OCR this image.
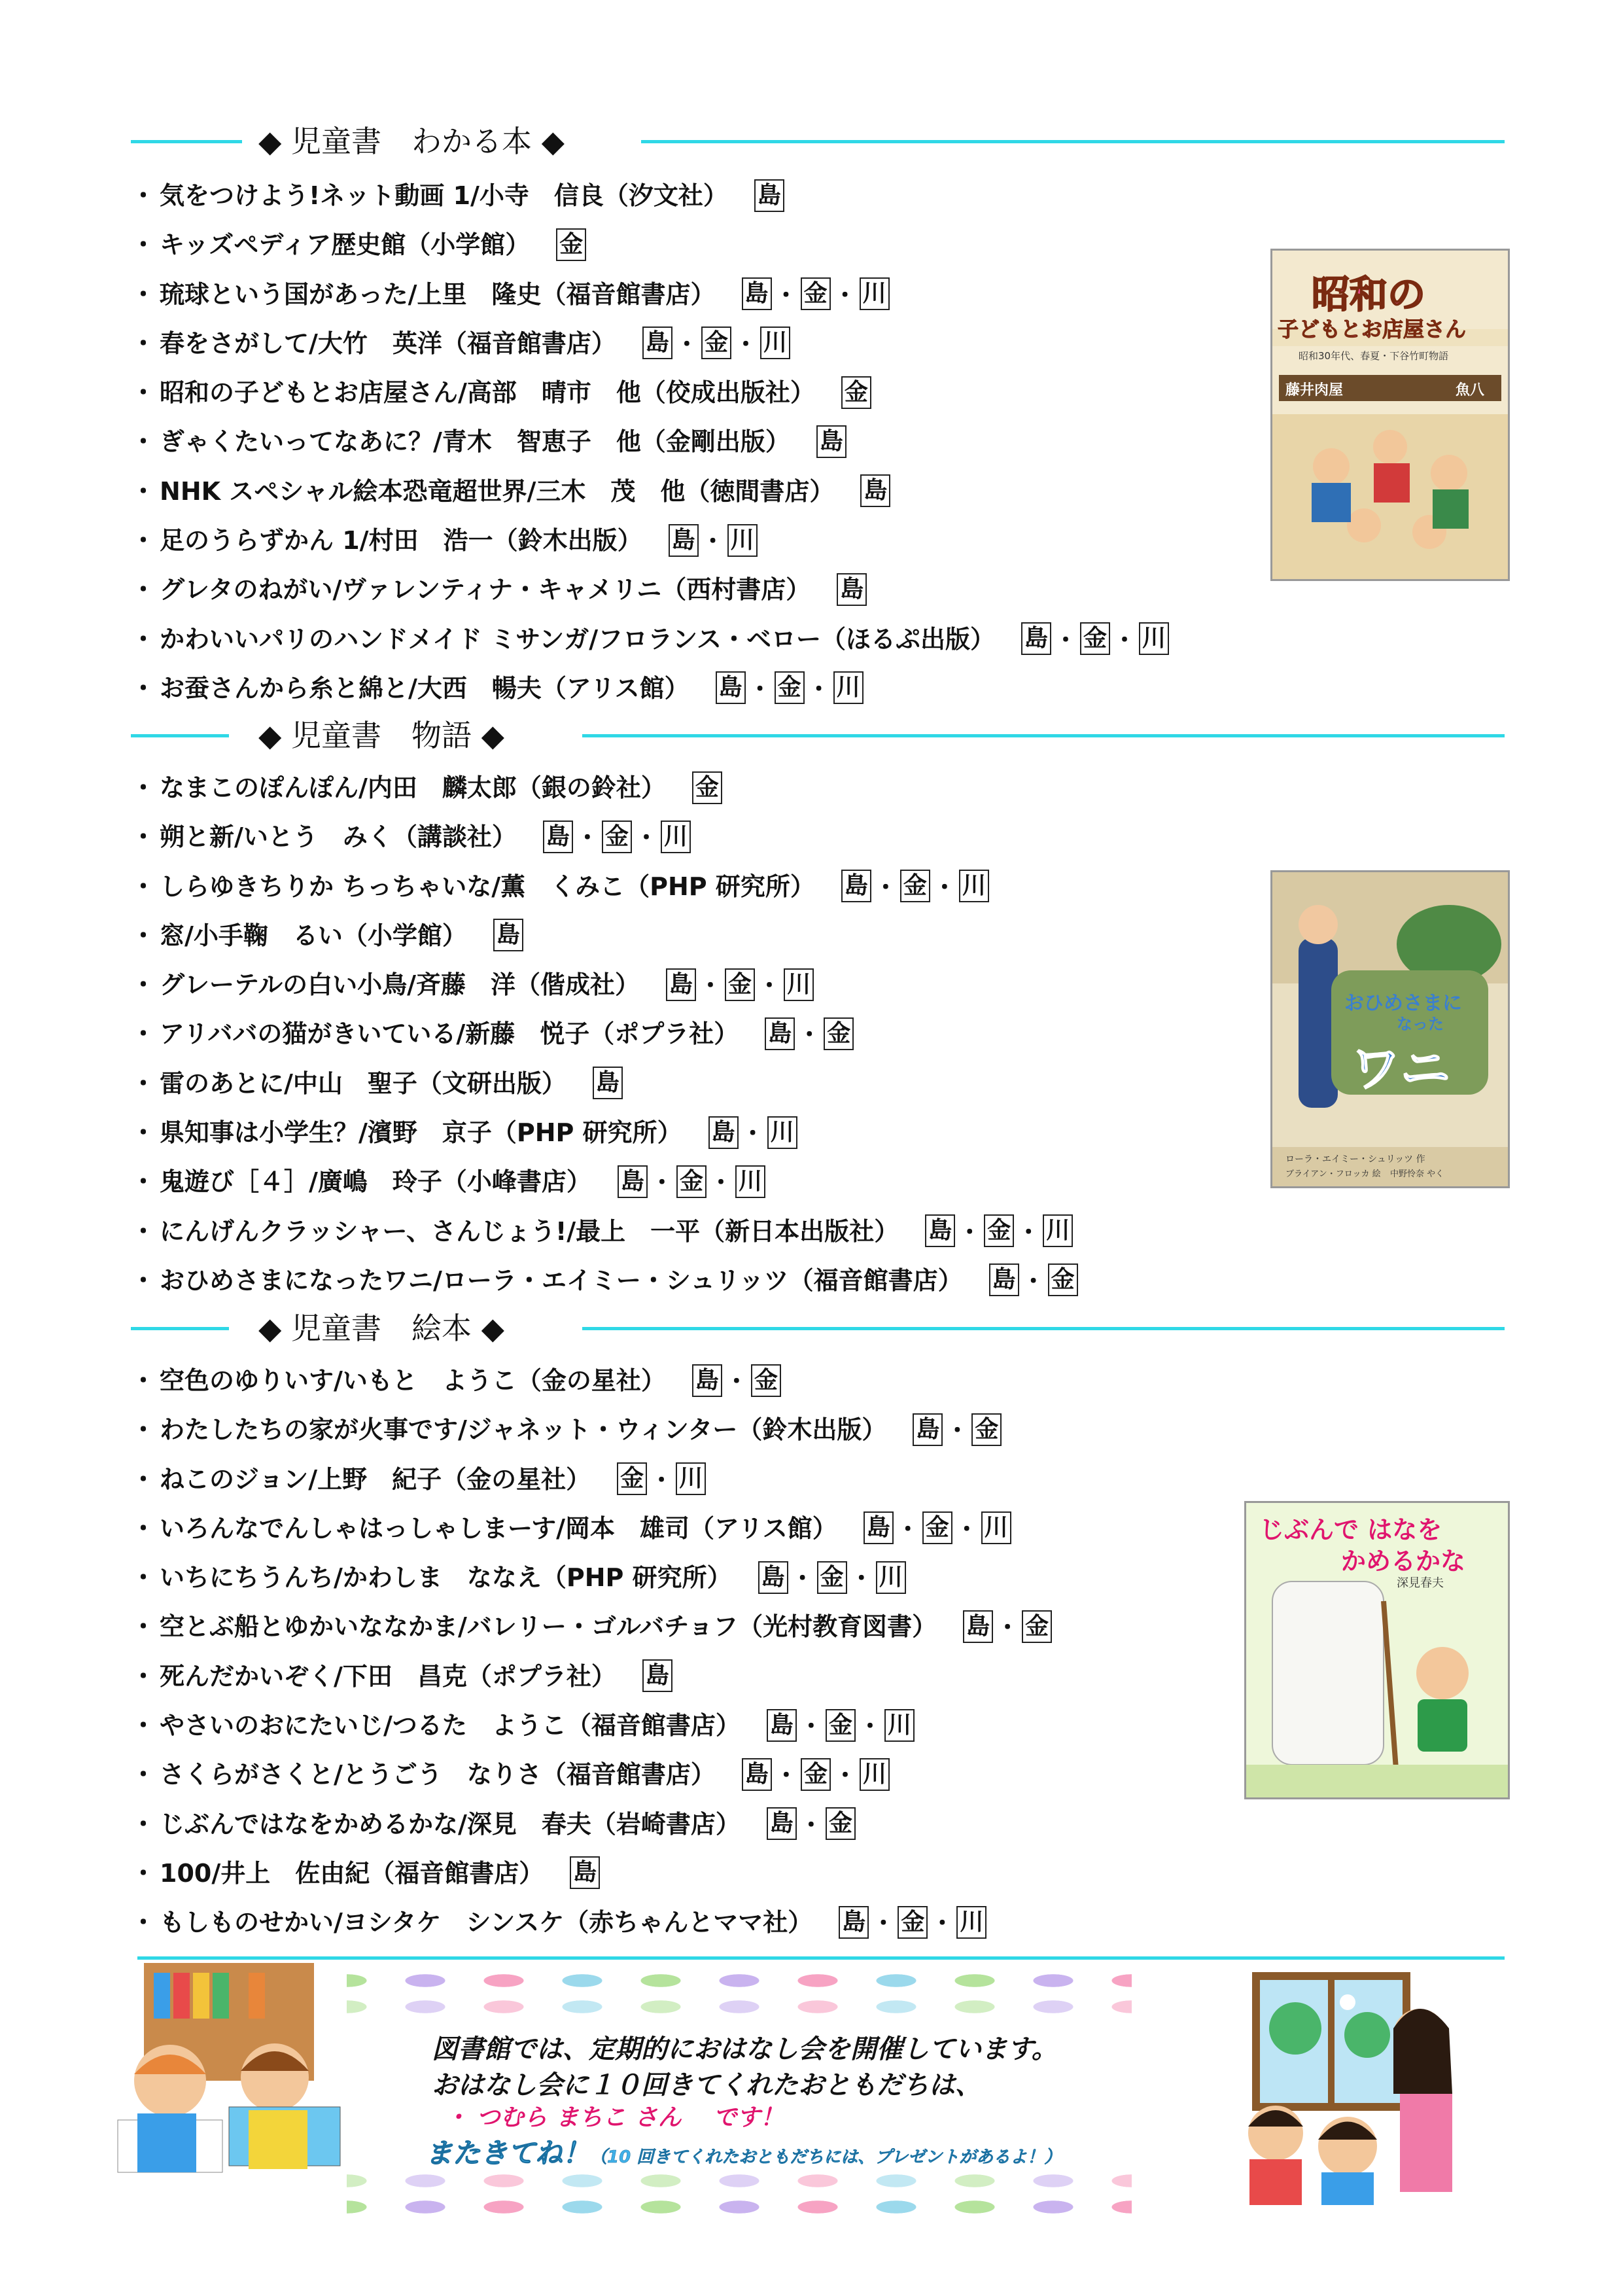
◆ 児童書　わかる本 ◆
◆ 児童書　物語 ◆
◆ 児童書　絵本 ◆
・ 気をつけよう!ネット動画 1/小寺　信良（汐文社） 島
・ キッズペディア歴史館（小学館） 金
・ 琉球という国があった/上里　隆史（福音館書店） 島 ・ 金 ・ 川
・ 春をさがして/大竹　英洋（福音館書店） 島 ・ 金 ・ 川
・ 昭和の子どもとお店屋さん/高部　晴市　他（佼成出版社） 金
・ ぎゃくたいってなあに？/青木　智恵子　他（金剛出版） 島
・ NHK スペシャル絵本恐竜超世界/三木　茂　他（徳間書店） 島
・ 足のうらずかん 1/村田　浩一（鈴木出版） 島 ・ 川
・ グレタのねがい/ヴァレンティナ・キャメリニ（西村書店） 島
・ かわいいパリのハンドメイド ミサンガ/フロランス・ベロー（ほるぷ出版） 島 ・ 金 ・ 川
・ お蚕さんから糸と綿と/大西　暢夫（アリス館） 島 ・ 金 ・ 川
・ なまこのぽんぽん/内田　麟太郎（銀の鈴社） 金
・ 朔と新/いとう　みく（講談社） 島 ・ 金 ・ 川
・ しらゆきちりか ちっちゃいな/薫　くみこ（PHP 研究所） 島 ・ 金 ・ 川
・ 窓/小手鞠　るい（小学館） 島
・ グレーテルの白い小鳥/斉藤　洋（偕成社） 島 ・ 金 ・ 川
・ アリババの猫がきいている/新藤　悦子（ポプラ社） 島 ・ 金
・ 雷のあとに/中山　聖子（文研出版） 島
・ 県知事は小学生？/濱野　京子（PHP 研究所） 島 ・ 川
・ 鬼遊び［４］/廣嶋　玲子（小峰書店） 島 ・ 金 ・ 川
・ にんげんクラッシャー、さんじょう!/最上　一平（新日本出版社） 島 ・ 金 ・ 川
・ おひめさまになったワニ/ローラ・エイミー・シュリッツ（福音館書店） 島 ・ 金
・ 空色のゆりいす/いもと　ようこ（金の星社） 島 ・ 金
・ わたしたちの家が火事です/ジャネット・ウィンター（鈴木出版） 島 ・ 金
・ ねこのジョン/上野　紀子（金の星社） 金 ・ 川
・ いろんなでんしゃはっしゃしまーす/岡本　雄司（アリス館） 島 ・ 金 ・ 川
・ いちにちうんち/かわしま　ななえ（PHP 研究所） 島 ・ 金 ・ 川
・ 空とぶ船とゆかいななかま/バレリー・ゴルバチョフ（光村教育図書） 島 ・ 金
・ 死んだかいぞく/下田　昌克（ポプラ社） 島
・ やさいのおにたいじ/つるた　ようこ（福音館書店） 島 ・ 金 ・ 川
・ さくらがさくと/とうごう　なりさ（福音館書店） 島 ・ 金 ・ 川
・ じぶんではなをかめるかな/深見　春夫（岩崎書店） 島 ・ 金
・ 100/井上　佐由紀（福音館書店） 島
・ もしものせかい/ヨシタケ　シンスケ（赤ちゃんとママ社） 島 ・ 金 ・ 川
昭和の
子どもとお店屋さん
昭和30年代、春夏・下谷竹町物語
藤井肉屋	魚八
おひめさまに
なった
ワニ
ローラ・エイミー・シュリッツ 作
ブライアン・フロッカ 絵 中野怜奈 やく
じぶんで はなを
かめるかな
深見春夫
図書館では、定期的におはなし会を開催しています。
おはなし会に１０回きてくれたおともだちは、
・ つむら まちこ さん　 です！
またきてね！（10 回きてくれたおともだちには、プレゼントがあるよ！）
